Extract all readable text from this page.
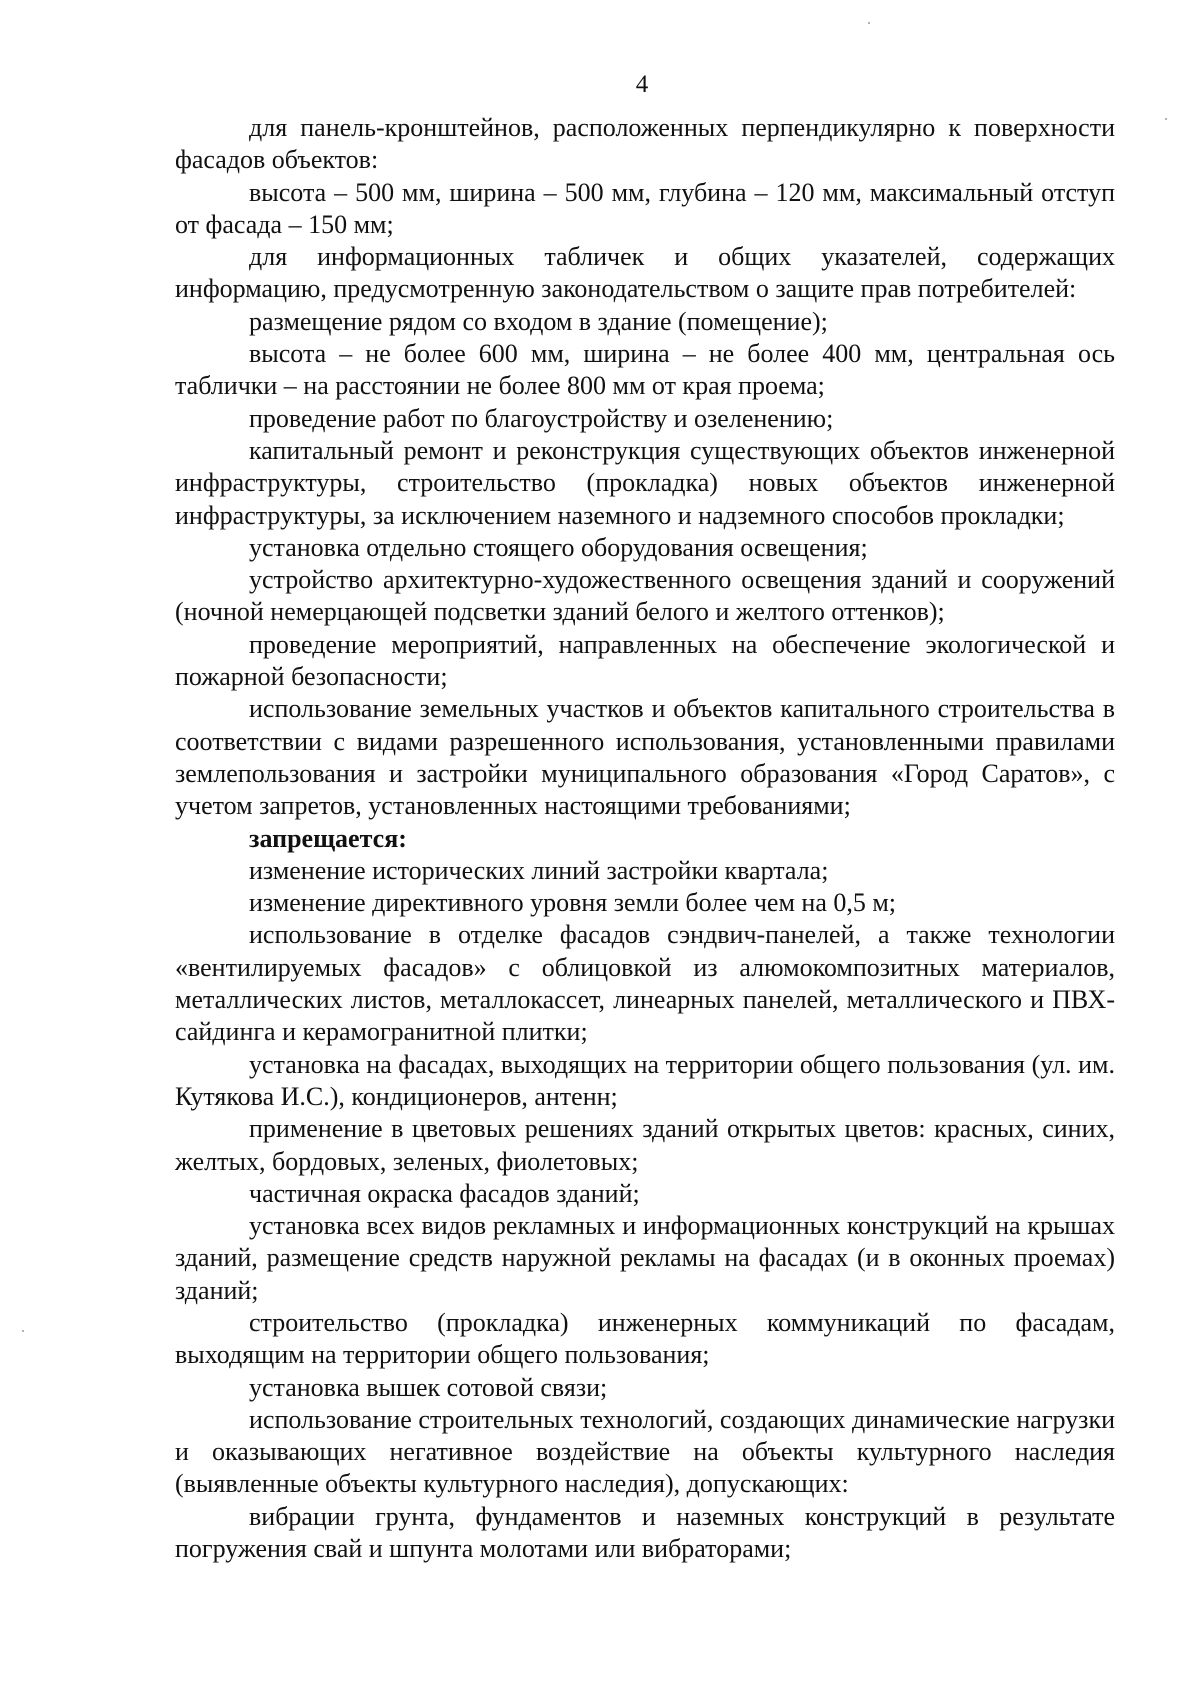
4

для панель-кронштейнов, расположенных перпендикулярно к поверхности фасадов объектов:

высота – 500 мм, ширина – 500 мм, глубина – 120 мм, максимальный отступ от фасада – 150 мм;

для информационных табличек и общих указателей, содержащих информацию, предусмотренную законодательством о защите прав потребителей:

размещение рядом со входом в здание (помещение);

высота – не более 600 мм, ширина – не более 400 мм, центральная ось таблички – на расстоянии не более 800 мм от края проема;

проведение работ по благоустройству и озеленению;

капитальный ремонт и реконструкция существующих объектов инженерной инфраструктуры, строительство (прокладка) новых объектов инженерной инфраструктуры, за исключением наземного и надземного способов прокладки;

установка отдельно стоящего оборудования освещения;

устройство архитектурно-художественного освещения зданий и сооружений (ночной немерцающей подсветки зданий белого и желтого оттенков);

проведение мероприятий, направленных на обеспечение экологической и пожарной безопасности;

использование земельных участков и объектов капитального строительства в соответствии с видами разрешенного использования, установленными правилами землепользования и застройки муниципального образования «Город Саратов», с учетом запретов, установленных настоящими требованиями;

запрещается:

изменение исторических линий застройки квартала;

изменение директивного уровня земли более чем на 0,5 м;

использование в отделке фасадов сэндвич-панелей, а также технологии «вентилируемых фасадов» с облицовкой из алюмокомпозитных материалов, металлических листов, металлокассет, линеарных панелей, металлического и ПВХ-сайдинга и керамогранитной плитки;

установка на фасадах, выходящих на территории общего пользования (ул. им. Кутякова И.С.), кондиционеров, антенн;

применение в цветовых решениях зданий открытых цветов: красных, синих, желтых, бордовых, зеленых, фиолетовых;

частичная окраска фасадов зданий;

установка всех видов рекламных и информационных конструкций на крышах зданий, размещение средств наружной рекламы на фасадах (и в оконных проемах) зданий;

строительство (прокладка) инженерных коммуникаций по фасадам, выходящим на территории общего пользования;

установка вышек сотовой связи;

использование строительных технологий, создающих динамические нагрузки и оказывающих негативное воздействие на объекты культурного наследия (выявленные объекты культурного наследия), допускающих:

вибрации грунта, фундаментов и наземных конструкций в результате погружения свай и шпунта молотами или вибраторами;
